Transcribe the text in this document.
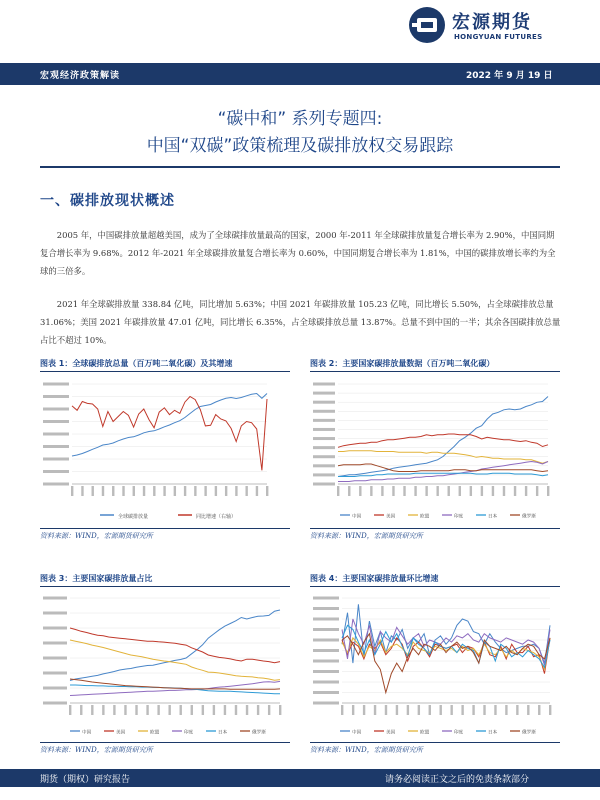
宏源期货
HONGYUAN FUTURES
宏观经济政策解读	2022 年 9 月 19 日
“碳中和” 系列专题四:
中国“双碳”政策梳理及碳排放权交易跟踪
一、碳排放现状概述
2005 年，中国碳排放量超越美国，成为了全球碳排放量最高的国家，2000 年-2011 年全球碳排放量复合增长率为 2.90%，中国同期复合增长率为 9.68%。2012 年-2021 年全球碳排放量复合增长率为 0.60%，中国同期复合增长率为 1.81%，中国的碳排放增长率约为全球的三倍多。
2021 年全球碳排放量 338.84 亿吨，同比增加 5.63%；中国 2021 年碳排放量 105.23 亿吨，同比增长 5.50%，占全球碳排放总量 31.06%；美国 2021 年碳排放量 47.01 亿吨，同比增长 6.35%，占全球碳排放总量 13.87%。总量不到中国的一半；其余各国碳排放总量占比不超过 10%。
图表 1：全球碳排放总量（百万吨二氧化碳）及其增速
全球碳排放量	同比增速（右轴）
资料来源：WIND，宏源期货研究所
图表 2：主要国家碳排放量数据（百万吨二氧化碳）
中国	美国	欧盟	印度	日本	俄罗斯
资料来源：WIND，宏源期货研究所
图表 3：主要国家碳排放量占比
中国	美国	欧盟	印度	日本	俄罗斯
资料来源：WIND，宏源期货研究所
图表 4：主要国家碳排放量环比增速
中国	美国	欧盟	印度	日本	俄罗斯
资料来源：WIND，宏源期货研究所
期货（期权）研究报告	请务必阅读正文之后的免责条款部分
